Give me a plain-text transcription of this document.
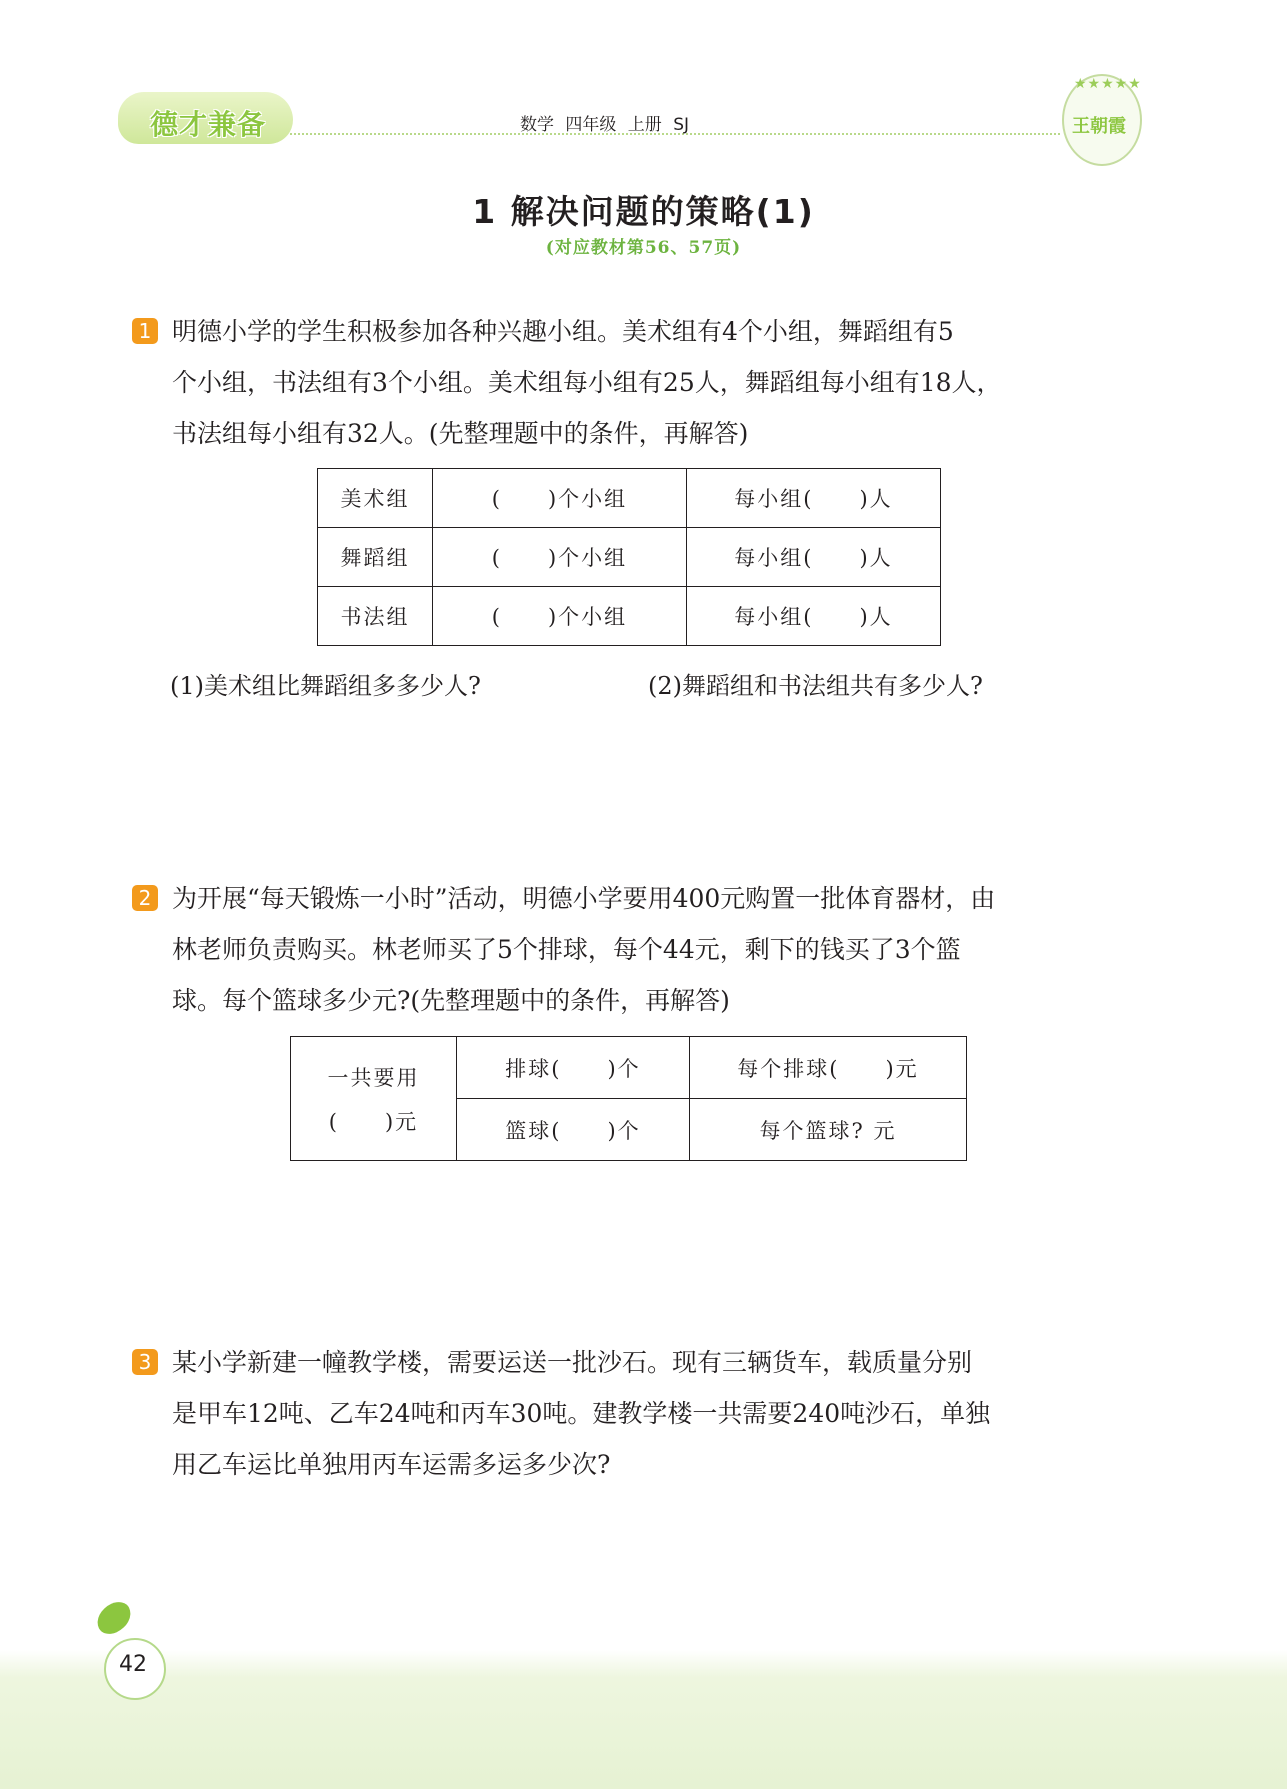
德才兼备	数学 四年级 上册 SJ
★★★★★
王朝霞
1 解决问题的策略(1)
(对应教材第56、57页)
1 明德小学的学生积极参加各种兴趣小组。美术组有4个小组，舞蹈组有5
个小组，书法组有3个小组。美术组每小组有25人，舞蹈组每小组有18人，
书法组每小组有32人。(先整理题中的条件，再解答)
美术组	(　　)个小组	每小组(　　)人
舞蹈组	(　　)个小组	每小组(　　)人
书法组	(　　)个小组	每小组(　　)人
(1)美术组比舞蹈组多多少人?	(2)舞蹈组和书法组共有多少人?
2 为开展“每天锻炼一小时”活动，明德小学要用400元购置一批体育器材，由
林老师负责购买。林老师买了5个排球，每个44元，剩下的钱买了3个篮
球。每个篮球多少元?(先整理题中的条件，再解答)
一共要用
(　　)元	排球(　　)个	每个排球(　　)元
	篮球(　　)个	每个篮球? 元
3 某小学新建一幢教学楼，需要运送一批沙石。现有三辆货车，载质量分别
是甲车12吨、乙车24吨和丙车30吨。建教学楼一共需要240吨沙石，单独
用乙车运比单独用丙车运需多运多少次?
42
